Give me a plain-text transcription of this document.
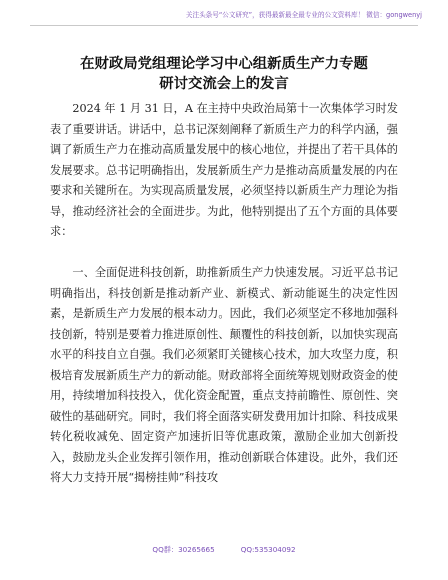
关注头条号“公文研究”，获得最新最全最专业的公文资料库！ 微信：gongwenyj
在财政局党组理论学习中心组新质生产力专题
研讨交流会上的发言

2024 年 1 月 31 日，A 在主持中央政治局第十一次集体学习时发表了重要讲话。讲话中，总书记深刻阐释了新质生产力的科学内涵，强调了新质生产力在推动高质量发展中的核心地位，并提出了若干具体的发展要求。总书记明确指出，发展新质生产力是推动高质量发展的内在要求和关键所在。为实现高质量发展，必须坚持以新质生产力理论为指导，推动经济社会的全面进步。为此，他特别提出了五个方面的具体要求：

一、全面促进科技创新，助推新质生产力快速发展。习近平总书记明确指出，科技创新是推动新产业、新模式、新动能诞生的决定性因素，是新质生产力发展的根本动力。因此，我们必须坚定不移地加强科技创新，特别是要着力推进原创性、颠覆性的科技创新，以加快实现高水平的科技自立自强。我们必须紧盯关键核心技术，加大攻坚力度，积极培育发展新质生产力的新动能。财政部将全面统筹规划财政资金的使用，持续增加科技投入，优化资金配置，重点支持前瞻性、原创性、突破性的基础研究。同时，我们将全面落实研发费用加计扣除、科技成果转化税收减免、固定资产加速折旧等优惠政策，激励企业加大创新投入，鼓励龙头企业发挥引领作用，推动创新联合体建设。此外，我们还将大力支持开展“揭榜挂帅”科技攻

QQ群：30265665	QQ:535304092
